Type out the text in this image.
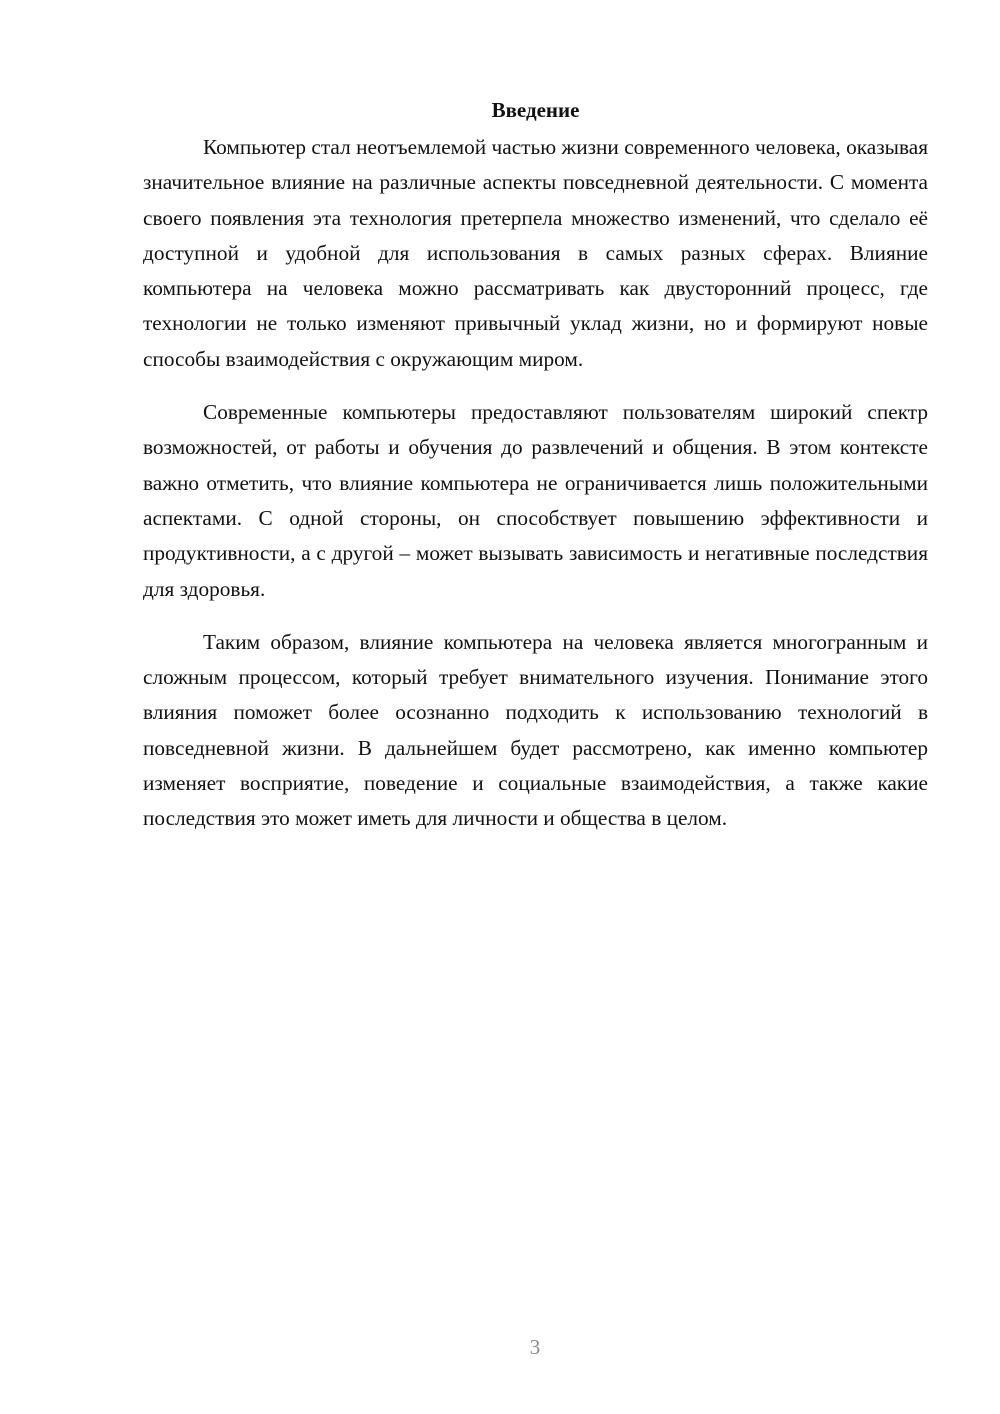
Введение

Компьютер стал неотъемлемой частью жизни современного человека, оказывая значительное влияние на различные аспекты повседневной деятельности. С момента своего появления эта технология претерпела множество изменений, что сделало её доступной и удобной для использования в самых разных сферах. Влияние компьютера на человека можно рассматривать как двусторонний процесс, где технологии не только изменяют привычный уклад жизни, но и формируют новые способы взаимодействия с окружающим миром.

Современные компьютеры предоставляют пользователям широкий спектр возможностей, от работы и обучения до развлечений и общения. В этом контексте важно отметить, что влияние компьютера не ограничивается лишь положительными аспектами. С одной стороны, он способствует повышению эффективности и продуктивности, а с другой – может вызывать зависимость и негативные последствия для здоровья.

Таким образом, влияние компьютера на человека является многогранным и сложным процессом, который требует внимательного изучения. Понимание этого влияния поможет более осознанно подходить к использованию технологий в повседневной жизни. В дальнейшем будет рассмотрено, как именно компьютер изменяет восприятие, поведение и социальные взаимодействия, а также какие последствия это может иметь для личности и общества в целом.

3
